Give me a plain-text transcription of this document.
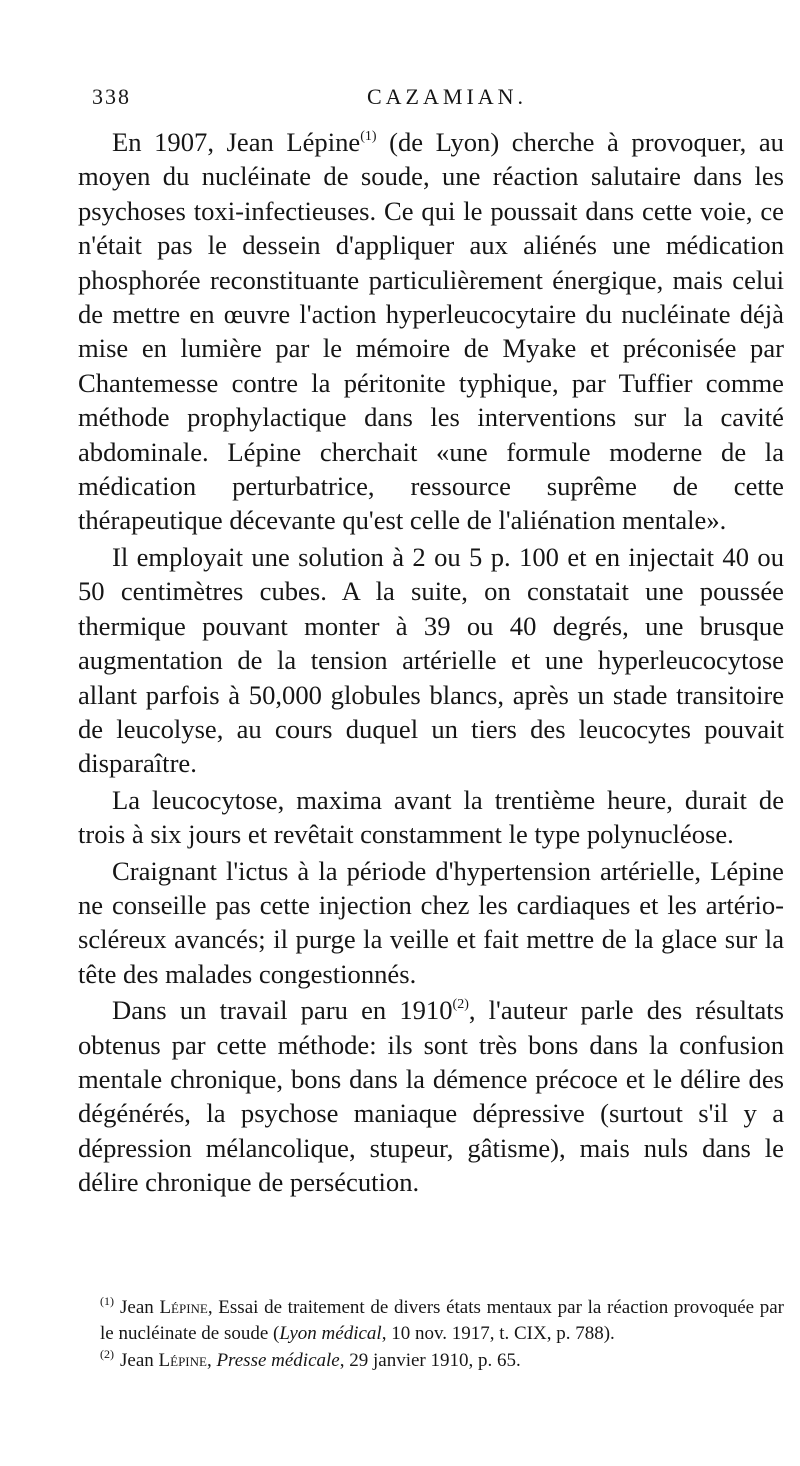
338	CAZAMIAN.

En 1907, Jean Lépine$^{(1)}$ (de Lyon) cherche à provoquer, au moyen du nucléinate de soude, une réaction salutaire dans les psychoses toxi-infectieuses. Ce qui le poussait dans cette voie, ce n'était pas le dessein d'appliquer aux aliénés une médication phosphorée reconstituante particulièrement énergique, mais celui de mettre en œuvre l'action hyperleucocytaire du nucléinate déjà mise en lumière par le mémoire de Myake et préconisée par Chantemesse contre la péritonite typhique, par Tuffier comme méthode prophylactique dans les interventions sur la cavité abdominale. Lépine cherchait «une formule moderne de la médication perturbatrice, ressource suprême de cette thérapeutique décevante qu'est celle de l'aliénation mentale».

Il employait une solution à 2 ou 5 p. 100 et en injectait 40 ou 50 centimètres cubes. A la suite, on constatait une poussée thermique pouvant monter à 39 ou 40 degrés, une brusque augmentation de la tension artérielle et une hyperleucocytose allant parfois à 50,000 globules blancs, après un stade transitoire de leucolyse, au cours duquel un tiers des leucocytes pouvait disparaître.

La leucocytose, maxima avant la trentième heure, durait de trois à six jours et revêtait constamment le type polynucléose.

Craignant l'ictus à la période d'hypertension artérielle, Lépine ne conseille pas cette injection chez les cardiaques et les artério-scléreux avancés; il purge la veille et fait mettre de la glace sur la tête des malades congestionnés.

Dans un travail paru en 1910$^{(2)}$, l'auteur parle des résultats obtenus par cette méthode: ils sont très bons dans la confusion mentale chronique, bons dans la démence précoce et le délire des dégénérés, la psychose maniaque dépressive (surtout s'il y a dépression mélancolique, stupeur, gâtisme), mais nuls dans le délire chronique de persécution.

$^{(1)}$ Jean Lépine, Essai de traitement de divers états mentaux par la réaction provoquée par le nucléinate de soude (Lyon médical, 10 nov. 1917, t. CIX, p. 788).

$^{(2)}$ Jean Lépine, Presse médicale, 29 janvier 1910, p. 65.
